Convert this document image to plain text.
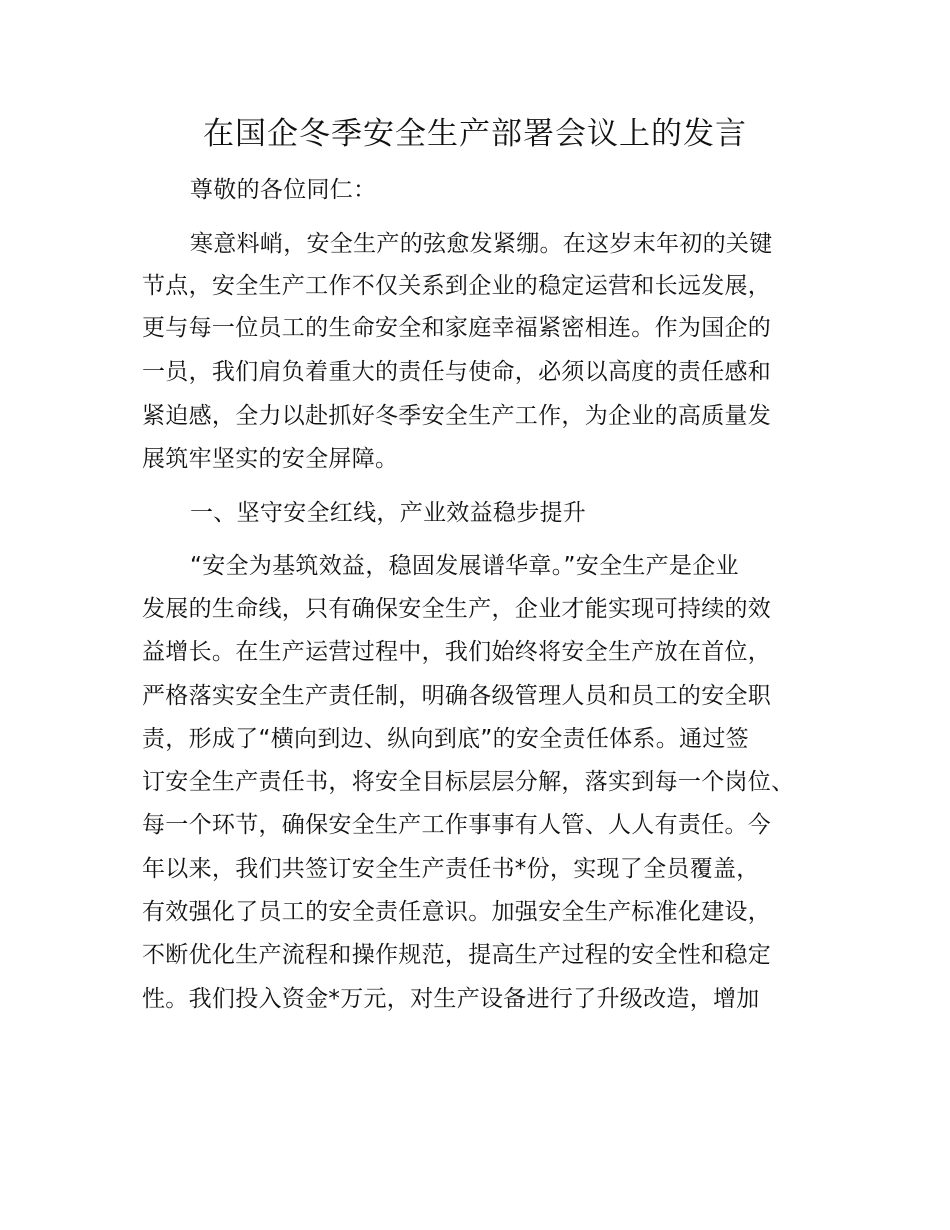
在国企冬季安全生产部署会议上的发言
尊敬的各位同仁：
寒意料峭，安全生产的弦愈发紧绷。在这岁末年初的关键
节点，安全生产工作不仅关系到企业的稳定运营和长远发展，
更与每一位员工的生命安全和家庭幸福紧密相连。作为国企的
一员，我们肩负着重大的责任与使命，必须以高度的责任感和
紧迫感，全力以赴抓好冬季安全生产工作，为企业的高质量发
展筑牢坚实的安全屏障。
一、坚守安全红线，产业效益稳步提升
“安全为基筑效益，稳固发展谱华章。”安全生产是企业
发展的生命线，只有确保安全生产，企业才能实现可持续的效
益增长。在生产运营过程中，我们始终将安全生产放在首位，
严格落实安全生产责任制，明确各级管理人员和员工的安全职
责，形成了“横向到边、纵向到底”的安全责任体系。通过签
订安全生产责任书，将安全目标层层分解，落实到每一个岗位、
每一个环节，确保安全生产工作事事有人管、人人有责任。今
年以来，我们共签订安全生产责任书*份，实现了全员覆盖，
有效强化了员工的安全责任意识。加强安全生产标准化建设，
不断优化生产流程和操作规范，提高生产过程的安全性和稳定
性。我们投入资金*万元，对生产设备进行了升级改造，增加
